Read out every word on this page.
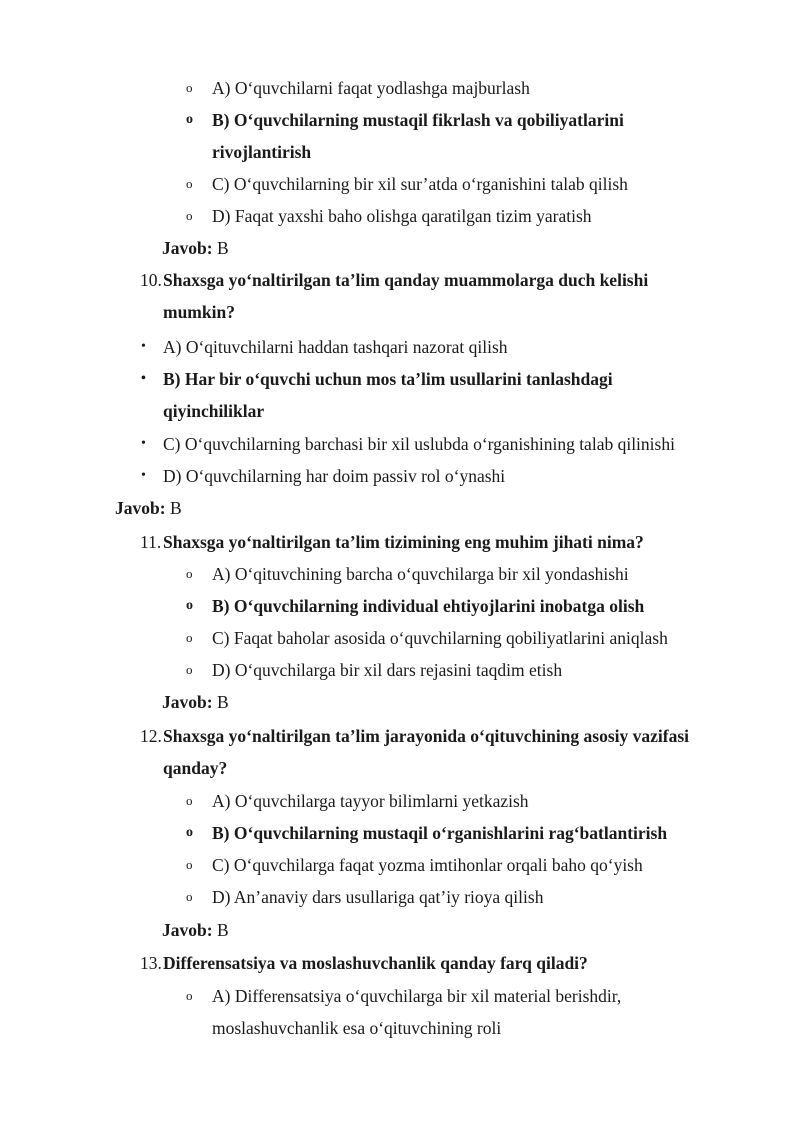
o A) O‘quvchilarni faqat yodlashga majburlash
o B) O‘quvchilarning mustaqil fikrlash va qobiliyatlarini
rivojlantirish
o C) O‘quvchilarning bir xil sur’atda o‘rganishini talab qilish
o D) Faqat yaxshi baho olishga qaratilgan tizim yaratish
Javob: B
10. Shaxsga yo‘naltirilgan ta’lim qanday muammolarga duch kelishi
mumkin?
• A) O‘qituvchilarni haddan tashqari nazorat qilish
• B) Har bir o‘quvchi uchun mos ta’lim usullarini tanlashdagi
qiyinchiliklar
• C) O‘quvchilarning barchasi bir xil uslubda o‘rganishining talab qilinishi
• D) O‘quvchilarning har doim passiv rol o‘ynashi
Javob: B
11. Shaxsga yo‘naltirilgan ta’lim tizimining eng muhim jihati nima?
o A) O‘qituvchining barcha o‘quvchilarga bir xil yondashishi
o B) O‘quvchilarning individual ehtiyojlarini inobatga olish
o C) Faqat baholar asosida o‘quvchilarning qobiliyatlarini aniqlash
o D) O‘quvchilarga bir xil dars rejasini taqdim etish
Javob: B
12. Shaxsga yo‘naltirilgan ta’lim jarayonida o‘qituvchining asosiy vazifasi
qanday?
o A) O‘quvchilarga tayyor bilimlarni yetkazish
o B) O‘quvchilarning mustaqil o‘rganishlarini rag‘batlantirish
o C) O‘quvchilarga faqat yozma imtihonlar orqali baho qo‘yish
o D) An’anaviy dars usullariga qat’iy rioya qilish
Javob: B
13. Differensatsiya va moslashuvchanlik qanday farq qiladi?
o A) Differensatsiya o‘quvchilarga bir xil material berishdir,
moslashuvchanlik esa o‘qituvchining roli
